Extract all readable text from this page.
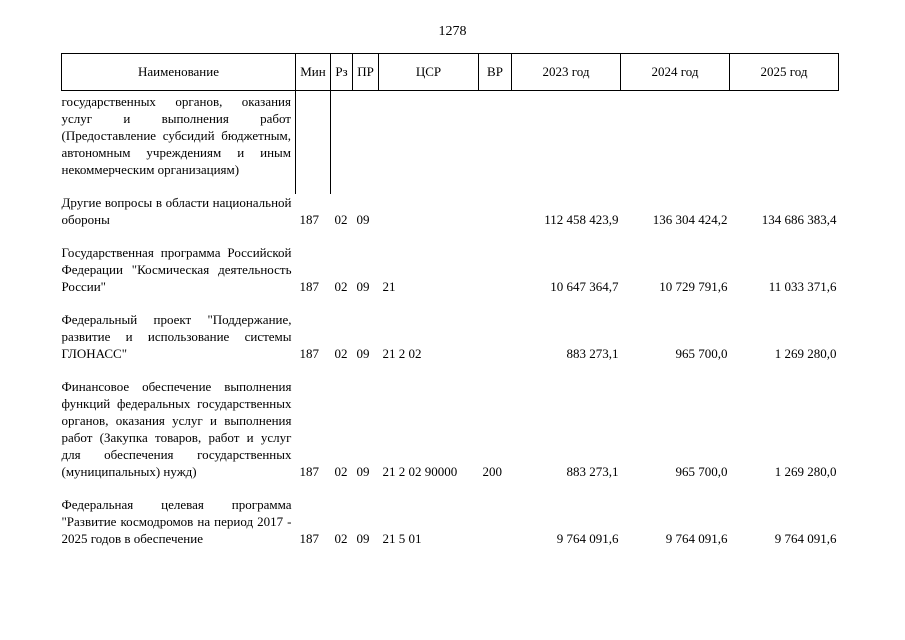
1278
Наименование	Мин	Рз	ПР	ЦСР	ВР	2023 год	2024 год	2025 год
государственных органов, оказания услуг и выполнения работ (Предоставление субсидий бюджетным, автономным учреждениям и иным некоммерческим организациям)								
Другие вопросы в области национальной обороны	187	02	09			112 458 423,9	136 304 424,2	134 686 383,4
Государственная программа Российской Федерации "Космическая деятельность России"	187	02	09	21		10 647 364,7	10 729 791,6	11 033 371,6
Федеральный проект "Поддержание, развитие и использование системы ГЛОНАСС"	187	02	09	21 2 02		883 273,1	965 700,0	1 269 280,0
Финансовое обеспечение выполнения функций федеральных государственных органов, оказания услуг и выполнения работ (Закупка товаров, работ и услуг для обеспечения государственных (муниципальных) нужд)	187	02	09	21 2 02 90000	200	883 273,1	965 700,0	1 269 280,0
Федеральная целевая программа "Развитие космодромов на период 2017 - 2025 годов в обеспечение	187	02	09	21 5 01		9 764 091,6	9 764 091,6	9 764 091,6
